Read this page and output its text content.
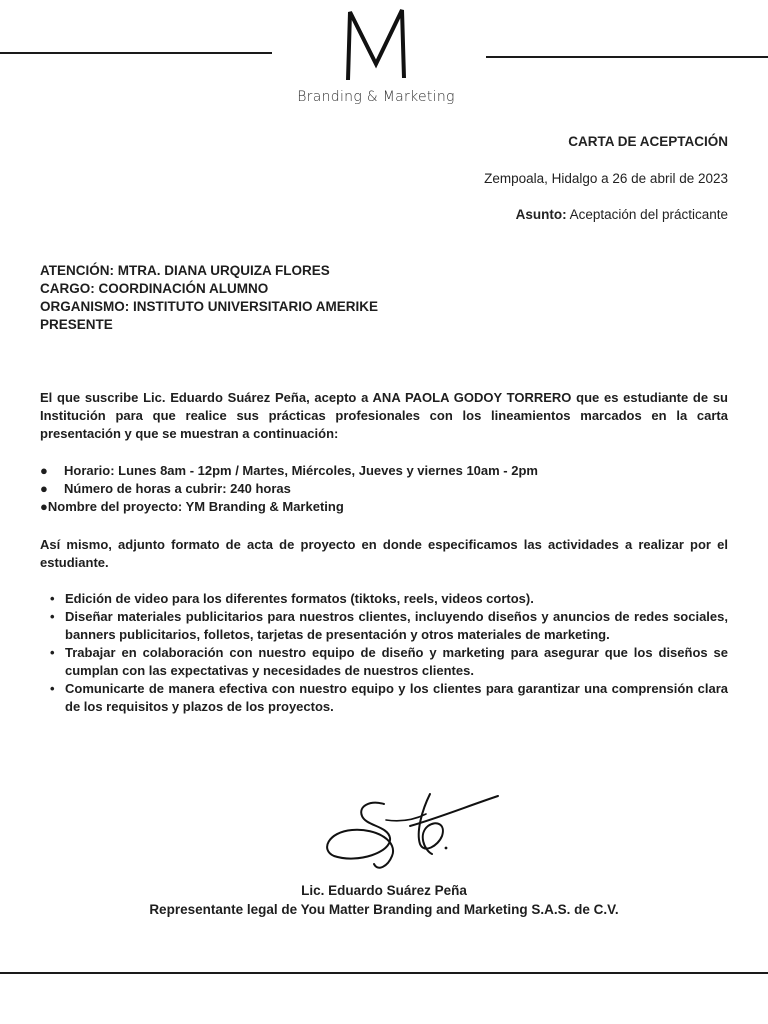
Branding & Marketing
CARTA DE ACEPTACIÓN
Zempoala, Hidalgo a 26 de abril de 2023
Asunto: Aceptación del prácticante
ATENCIÓN: MTRA. DIANA URQUIZA FLORES
CARGO: COORDINACIÓN ALUMNO
ORGANISMO: INSTITUTO UNIVERSITARIO AMERIKE
PRESENTE
El que suscribe Lic. Eduardo Suárez Peña, acepto a ANA PAOLA GODOY TORRERO que es estudiante de su Institución para que realice sus prácticas profesionales con los lineamientos marcados en la carta presentación y que se muestran a continuación:
● Horario: Lunes 8am - 12pm / Martes, Miércoles, Jueves y viernes 10am - 2pm
● Número de horas a cubrir: 240 horas
●Nombre del proyecto: YM Branding & Marketing
Así mismo, adjunto formato de acta de proyecto en donde especificamos las actividades a realizar por el estudiante.
• Edición de video para los diferentes formatos (tiktoks, reels, videos cortos).
• Diseñar materiales publicitarios para nuestros clientes, incluyendo diseños y anuncios de redes sociales, banners publicitarios, folletos, tarjetas de presentación y otros materiales de marketing.
• Trabajar en colaboración con nuestro equipo de diseño y marketing para asegurar que los diseños se cumplan con las expectativas y necesidades de nuestros clientes.
• Comunicarte de manera efectiva con nuestro equipo y los clientes para garantizar una comprensión clara de los requisitos y plazos de los proyectos.
Lic. Eduardo Suárez Peña
Representante legal de You Matter Branding and Marketing S.A.S. de C.V.
